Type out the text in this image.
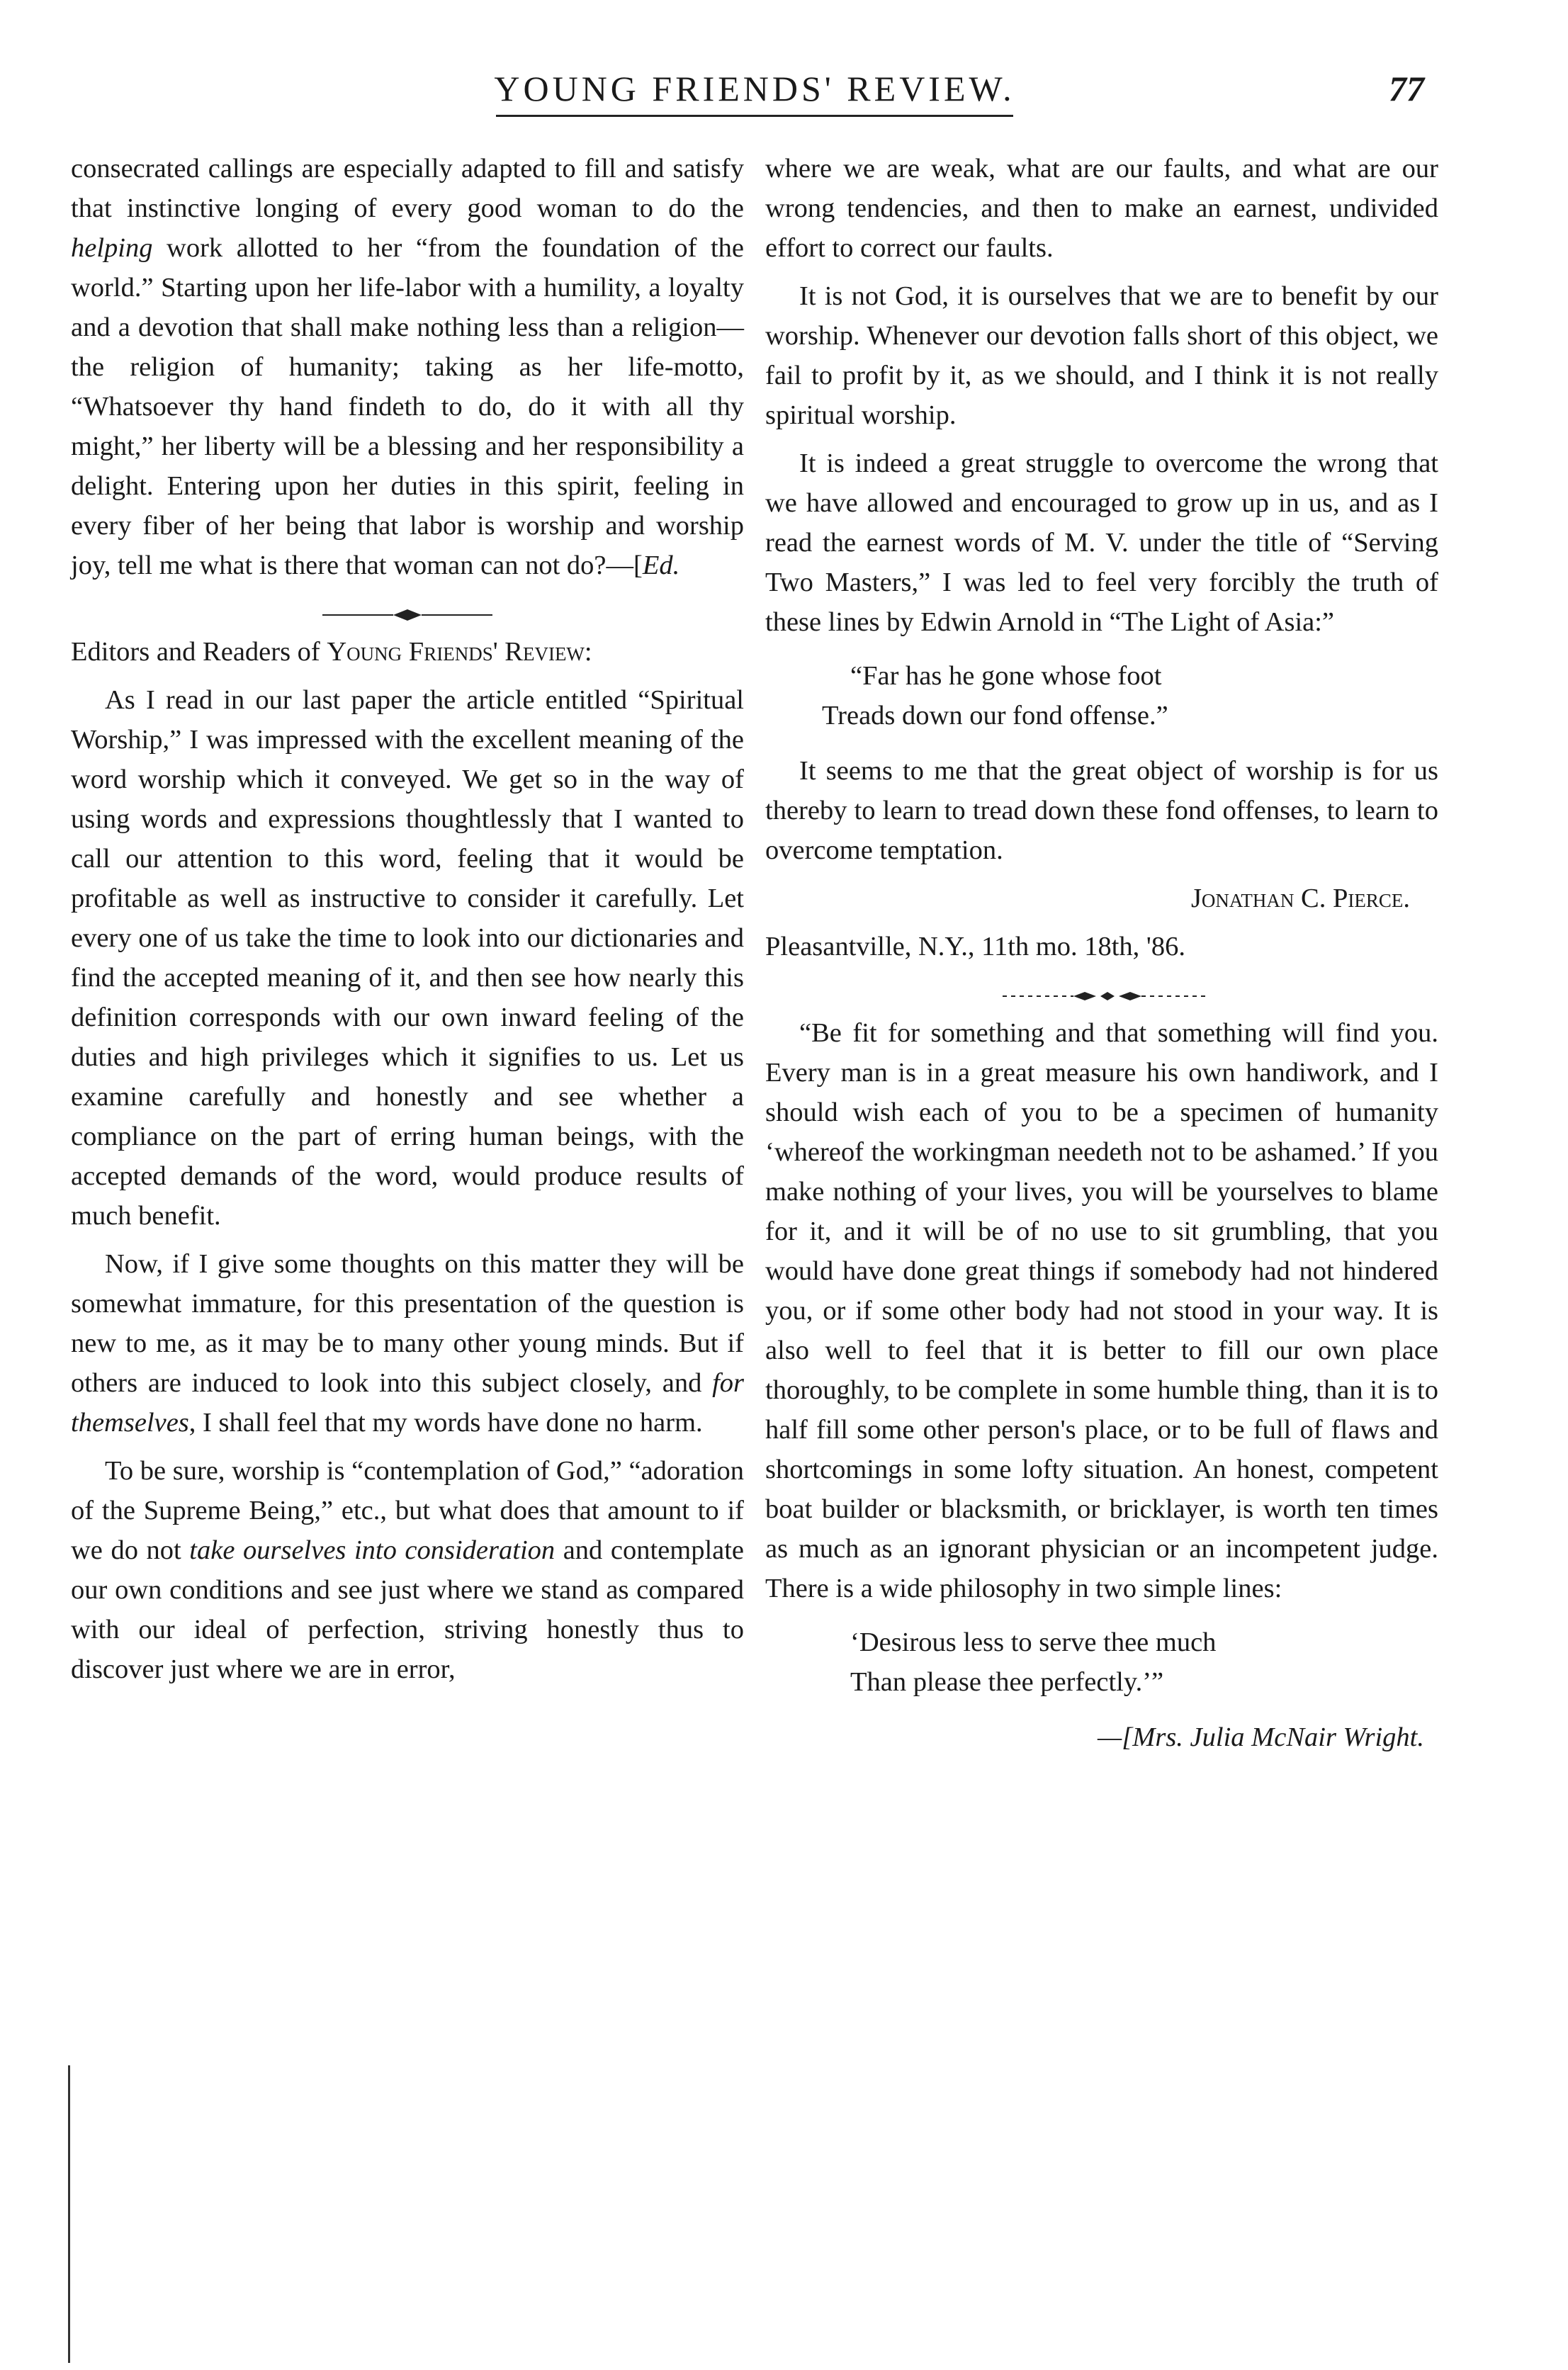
YOUNG FRIENDS' REVIEW.	77

consecrated callings are especially adapted to fill and satisfy that instinctive longing of every good woman to do the helping work allotted to her “from the foundation of the world.” Starting upon her life-labor with a humility, a loyalty and a devotion that shall make nothing less than a religion—the religion of humanity; taking as her life-motto, “Whatsoever thy hand findeth to do, do it with all thy might,” her liberty will be a blessing and her responsibility a delight. Entering upon her duties in this spirit, feeling in every fiber of her being that labor is worship and worship joy, tell me what is there that woman can not do?—[Ed.

Editors and Readers of Young Friends' Review:

As I read in our last paper the article entitled “Spiritual Worship,” I was impressed with the excellent meaning of the word worship which it conveyed. We get so in the way of using words and expressions thoughtlessly that I wanted to call our attention to this word, feeling that it would be profitable as well as instructive to consider it carefully. Let every one of us take the time to look into our dictionaries and find the accepted meaning of it, and then see how nearly this definition corresponds with our own inward feeling of the duties and high privileges which it signifies to us. Let us examine carefully and honestly and see whether a compliance on the part of erring human beings, with the accepted demands of the word, would produce results of much benefit.

Now, if I give some thoughts on this matter they will be somewhat immature, for this presentation of the question is new to me, as it may be to many other young minds. But if others are induced to look into this subject closely, and for themselves, I shall feel that my words have done no harm.

To be sure, worship is “contemplation of God,” “adoration of the Supreme Being,” etc., but what does that amount to if we do not take ourselves into consideration and contemplate our own conditions and see just where we stand as compared with our ideal of perfection, striving honestly thus to discover just where we are in error,

where we are weak, what are our faults, and what are our wrong tendencies, and then to make an earnest, undivided effort to correct our faults.

It is not God, it is ourselves that we are to benefit by our worship. Whenever our devotion falls short of this object, we fail to profit by it, as we should, and I think it is not really spiritual worship.

It is indeed a great struggle to overcome the wrong that we have allowed and encouraged to grow up in us, and as I read the earnest words of M. V. under the title of “Serving Two Masters,” I was led to feel very forcibly the truth of these lines by Edwin Arnold in “The Light of Asia:”

“Far has he gone whose foot
Treads down our fond offense.”

It seems to me that the great object of worship is for us thereby to learn to tread down these fond offenses, to learn to overcome temptation.

Jonathan C. Pierce.

Pleasantville, N.Y., 11th mo. 18th, '86.

“Be fit for something and that something will find you. Every man is in a great measure his own handiwork, and I should wish each of you to be a specimen of humanity ‘whereof the workingman needeth not to be ashamed.’ If you make nothing of your lives, you will be yourselves to blame for it, and it will be of no use to sit grumbling, that you would have done great things if somebody had not hindered you, or if some other body had not stood in your way. It is also well to feel that it is better to fill our own place thoroughly, to be complete in some humble thing, than it is to half fill some other person's place, or to be full of flaws and shortcomings in some lofty situation. An honest, competent boat builder or blacksmith, or bricklayer, is worth ten times as much as an ignorant physician or an incompetent judge. There is a wide philosophy in two simple lines:

‘Desirous less to serve thee much
Than please thee perfectly.’”

—[Mrs. Julia McNair Wright.
